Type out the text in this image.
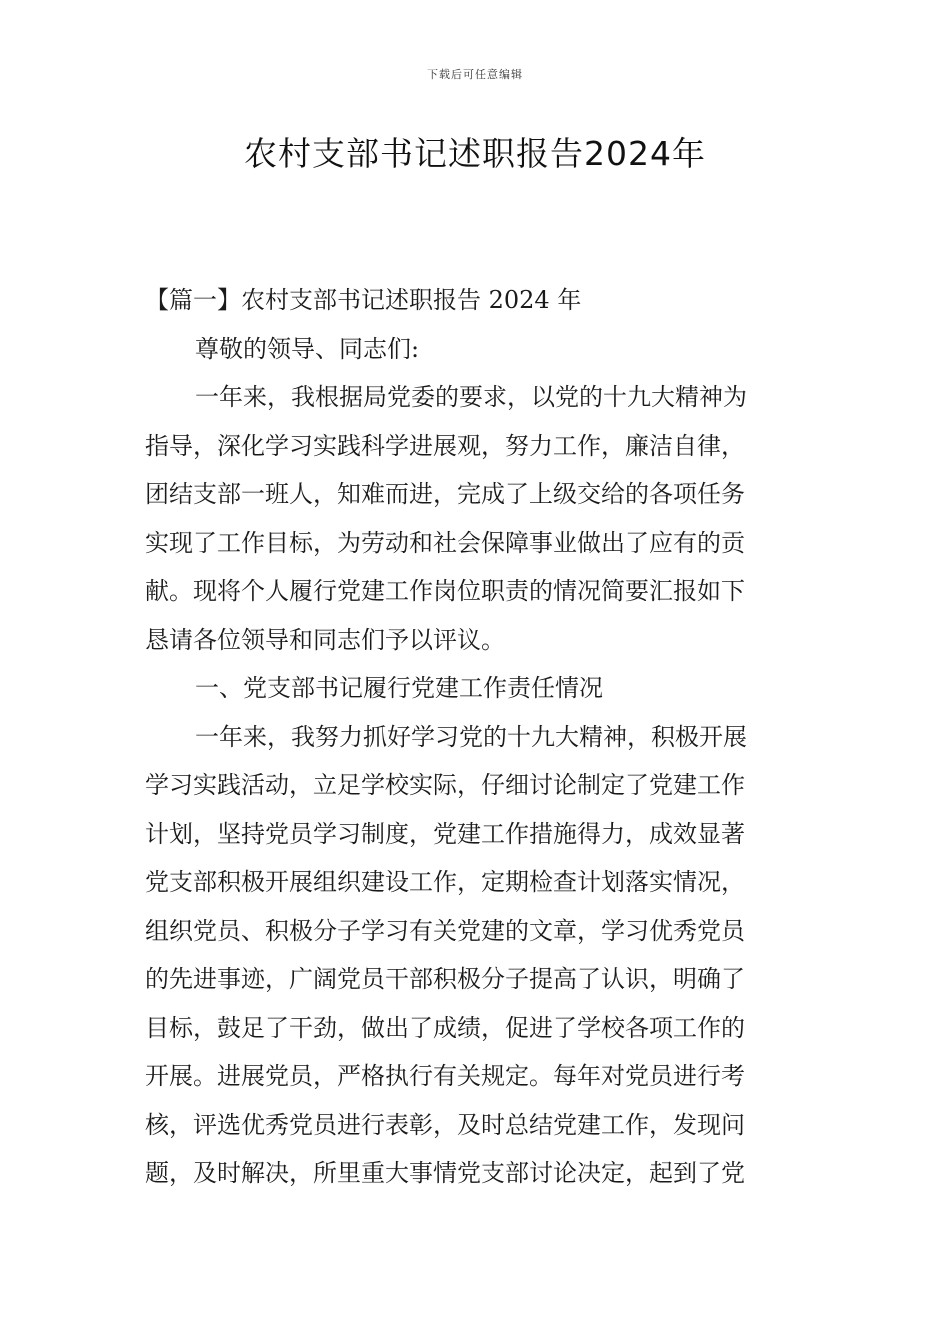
下载后可任意编辑
农村支部书记述职报告2024年
【篇一】农村支部书记述职报告 2024 年
尊敬的领导、同志们:
一年来，我根据局党委的要求，以党的十九大精神为
指导，深化学习实践科学进展观，努力工作，廉洁自律，
团结支部一班人，知难而进，完成了上级交给的各项任务
实现了工作目标，为劳动和社会保障事业做出了应有的贡
献。现将个人履行党建工作岗位职责的情况简要汇报如下
恳请各位领导和同志们予以评议。
一、党支部书记履行党建工作责任情况
一年来，我努力抓好学习党的十九大精神，积极开展
学习实践活动，立足学校实际，仔细讨论制定了党建工作
计划，坚持党员学习制度，党建工作措施得力，成效显著
党支部积极开展组织建设工作，定期检查计划落实情况，
组织党员、积极分子学习有关党建的文章，学习优秀党员
的先进事迹，广阔党员干部积极分子提高了认识，明确了
目标，鼓足了干劲，做出了成绩，促进了学校各项工作的
开展。进展党员，严格执行有关规定。每年对党员进行考
核，评选优秀党员进行表彰，及时总结党建工作，发现问
题，及时解决，所里重大事情党支部讨论决定，起到了党
